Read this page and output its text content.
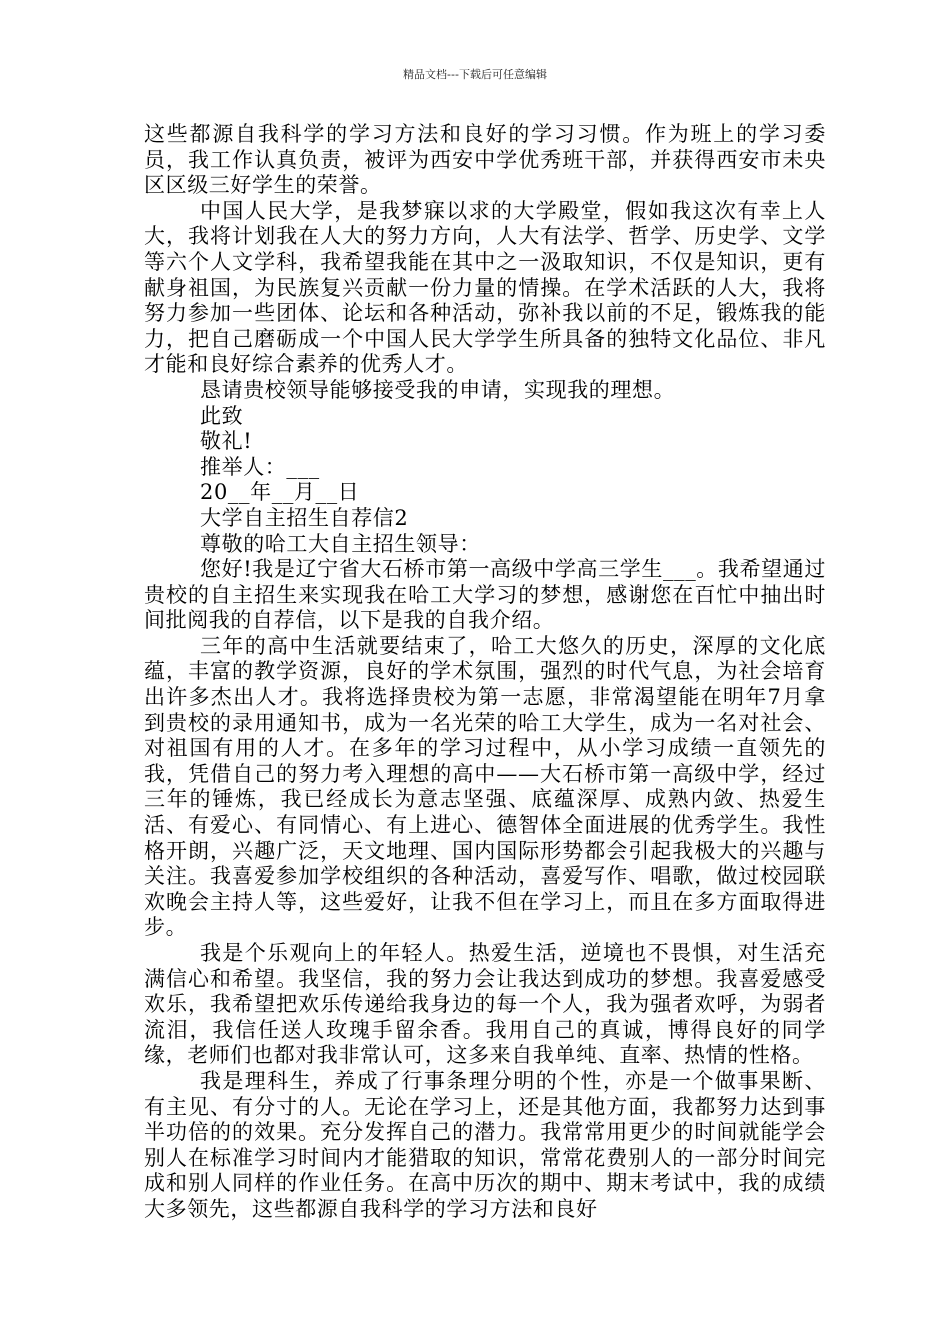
精品文档---下载后可任意编辑

这些都源自我科学的学习方法和良好的学习习惯。作为班上的学习委员，我工作认真负责，被评为西安中学优秀班干部，并获得西安市未央区区级三好学生的荣誉。

中国人民大学，是我梦寐以求的大学殿堂，假如我这次有幸上人大，我将计划我在人大的努力方向，人大有法学、哲学、历史学、文学等六个人文学科，我希望我能在其中之一汲取知识，不仅是知识，更有献身祖国，为民族复兴贡献一份力量的情操。在学术活跃的人大，我将努力参加一些团体、论坛和各种活动，弥补我以前的不足，锻炼我的能力，把自己磨砺成一个中国人民大学学生所具备的独特文化品位、非凡才能和良好综合素养的优秀人才。

恳请贵校领导能够接受我的申请，实现我的理想。

此致

敬礼!

推举人：___

20__年__月__日

大学自主招生自荐信2

尊敬的哈工大自主招生领导：

您好!我是辽宁省大石桥市第一高级中学高三学生___。我希望通过贵校的自主招生来实现我在哈工大学习的梦想，感谢您在百忙中抽出时间批阅我的自荐信，以下是我的自我介绍。

三年的高中生活就要结束了，哈工大悠久的历史，深厚的文化底蕴，丰富的教学资源，良好的学术氛围，强烈的时代气息，为社会培育出许多杰出人才。我将选择贵校为第一志愿，非常渴望能在明年7月拿到贵校的录用通知书，成为一名光荣的哈工大学生，成为一名对社会、对祖国有用的人才。在多年的学习过程中，从小学习成绩一直领先的我，凭借自己的努力考入理想的高中——大石桥市第一高级中学，经过三年的锤炼，我已经成长为意志坚强、底蕴深厚、成熟内敛、热爱生活、有爱心、有同情心、有上进心、德智体全面进展的优秀学生。我性格开朗，兴趣广泛，天文地理、国内国际形势都会引起我极大的兴趣与关注。我喜爱参加学校组织的各种活动，喜爱写作、唱歌，做过校园联欢晚会主持人等，这些爱好，让我不但在学习上，而且在多方面取得进步。

我是个乐观向上的年轻人。热爱生活，逆境也不畏惧，对生活充满信心和希望。我坚信，我的努力会让我达到成功的梦想。我喜爱感受欢乐，我希望把欢乐传递给我身边的每一个人，我为强者欢呼，为弱者流泪，我信任送人玫瑰手留余香。我用自己的真诚，博得良好的同学缘，老师们也都对我非常认可，这多来自我单纯、直率、热情的性格。

我是理科生，养成了行事条理分明的个性，亦是一个做事果断、有主见、有分寸的人。无论在学习上，还是其他方面，我都努力达到事半功倍的的效果。充分发挥自己的潜力。我常常用更少的时间就能学会别人在标准学习时间内才能猎取的知识，常常花费别人的一部分时间完成和别人同样的作业任务。在高中历次的期中、期末考试中，我的成绩大多领先，这些都源自我科学的学习方法和良好
